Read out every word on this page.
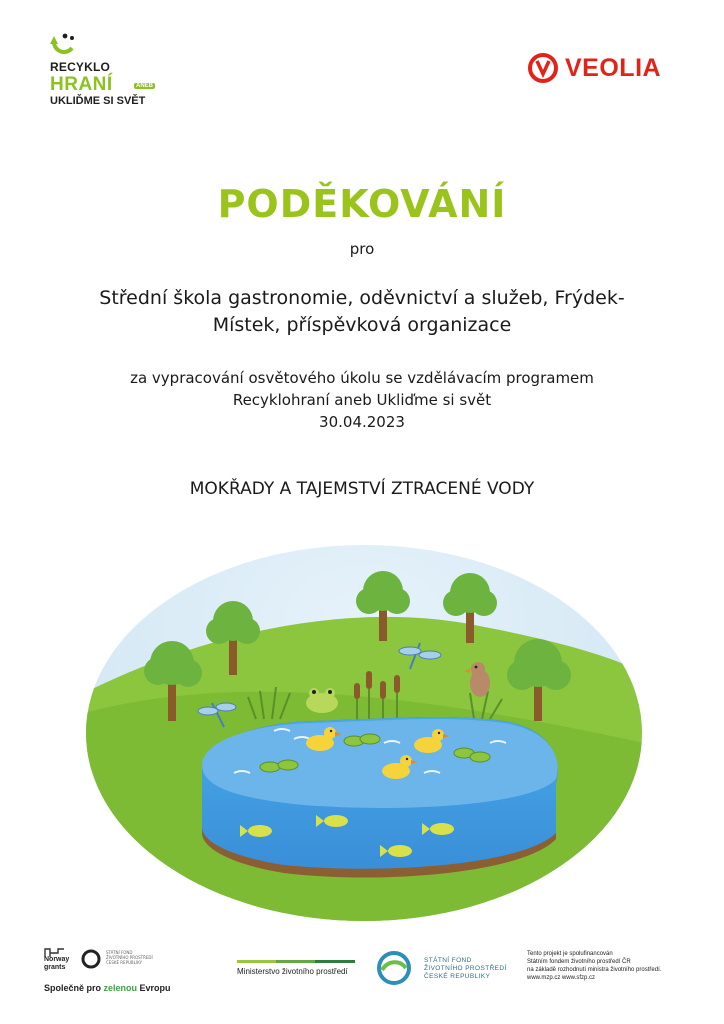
RECYKLO
HRANÍ	ANEB
UKLIĎME SI SVĚT
VEOLIA
PODĚKOVÁNÍ
pro
Střední škola gastronomie, oděvnictví a služeb, Frýdek-
Místek, příspěvková organizace
za vypracování osvětového úkolu se vzdělávacím programem
Recyklohraní aneb Ukliďme si svět
30.04.2023
MOKŘADY A TAJEMSTVÍ ZTRACENÉ VODY
Norway
grants
STÁTNÍ FOND
ŽIVOTNÍHO PROSTŘEDÍ
ČESKÉ REPUBLIKY
Společně pro zelenou Evropu
Ministerstvo životního prostředí
STÁTNÍ FOND
ŽIVOTNÍHO PROSTŘEDÍ
ČESKÉ REPUBLIKY
Tento projekt je spolufinancován
Státním fondem životního prostředí ČR
na základě rozhodnutí ministra životního prostředí.
www.mzp.cz www.sfzp.cz
